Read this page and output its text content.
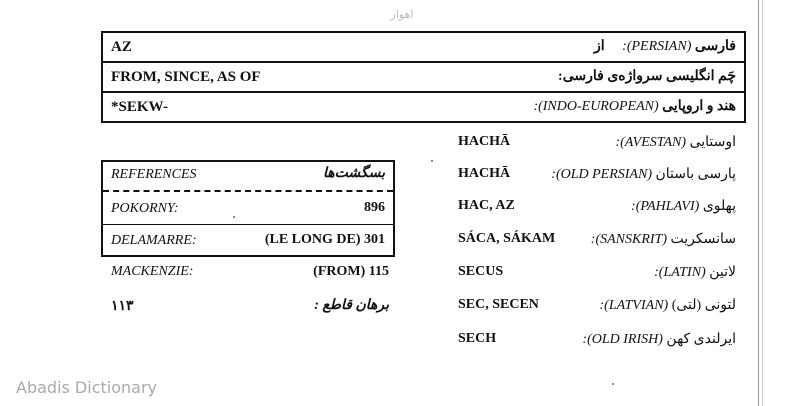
اهواز
AZ	فارسی (PERSIAN):     از
FROM, SINCE, AS OF	چَم انگلیسی سرواژه‌ی فارسی:
*SEKW-	هند و اروپایی (INDO-EUROPEAN):
HACHĀ	اوستایی (AVESTAN):
HACHĀ	پارسی باستان (OLD PERSIAN):
HAC, AZ	پهلوی (PAHLAVI):
SÁCA, SÁKAM	سانسکریت (SANSKRIT):
SECUS	لاتین (LATIN):
SEC, SECEN	لتونی (لتی) (LATVIAN):
SECH	ایرلندی کهن (OLD IRISH):
REFERENCES	بسگشت‌ها
POKORNY:	896
DELAMARRE:	(LE LONG DE) 301
MACKENZIE:	(FROM) 115
۱۱۳	برهان قاطع :
Abadis Dictionary
